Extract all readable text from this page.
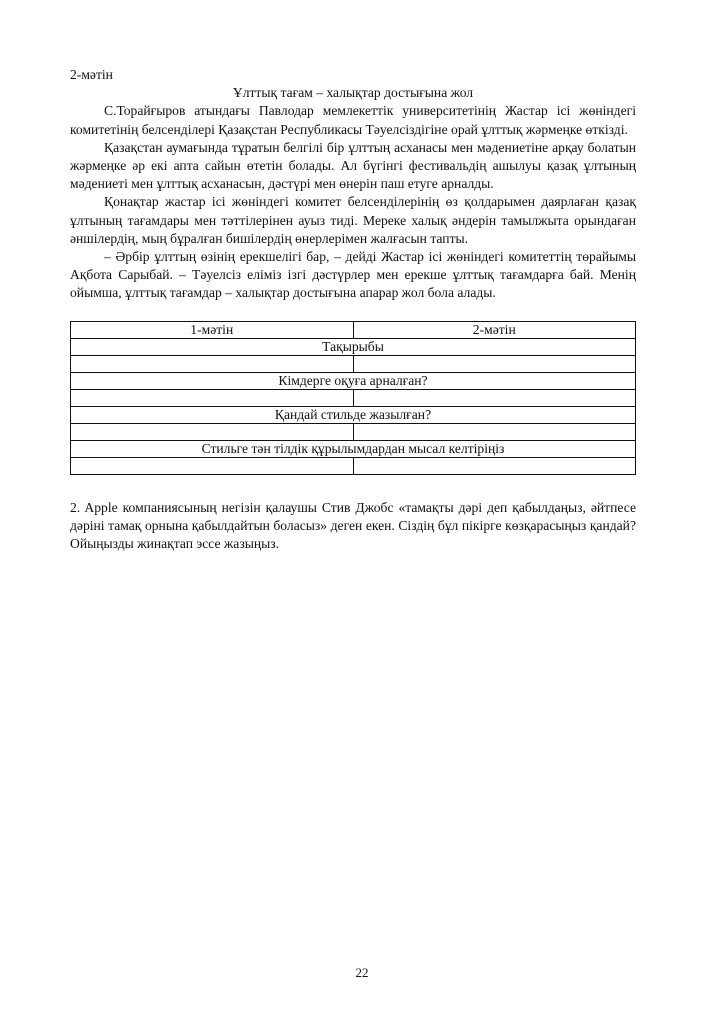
2-мәтін

Ұлттық тағам – халықтар достығына жол

С.Торайғыров атындағы Павлодар мемлекеттік университетінің Жастар ісі жөніндегі комитетінің белсенділері Қазақстан Республикасы Тәуелсіздігіне орай ұлттық жәрмеңке өткізді.

Қазақстан аумағында тұратын белгілі бір ұлттың асханасы мен мәдениетіне арқау болатын жәрмеңке әр екі апта сайын өтетін болады. Ал бүгінгі фестивальдің ашылуы қазақ ұлтының мәдениеті мен ұлттық асханасын, дәстүрі мен өнерін паш етуге арналды.

Қонақтар жастар ісі жөніндегі комитет белсенділерінің өз қолдарымен даярлаған қазақ ұлтының тағамдары мен тәттілерінен ауыз тиді. Мереке халық әндерін тамылжыта орындаған әншілердің, мың бұралған бишілердің өнерлерімен жалғасын тапты.

– Әрбір ұлттың өзінің ерекшелігі бар, – дейді Жастар ісі жөніндегі комитеттің төрайымы Ақбота Сарыбай. – Тәуелсіз еліміз ізгі дәстүрлер мен ерекше ұлттық тағамдарға бай. Менің ойымша, ұлттық тағамдар – халықтар достығына апарар жол бола алады.

1-мәтін	2-мәтін
Тақырыбы	

Кімдерге оқуға арналған?	

Қандай стильде жазылған?	

Стильге тән тілдік құрылымдардан мысал келтіріңіз	

2. Apple компаниясының негізін қалаушы Стив Джобс «тамақты дәрі деп қабылдаңыз, әйтпесе дәріні тамақ орнына қабылдайтын боласыз» деген екен. Сіздің бұл пікірге көзқарасыңыз қандай? Ойыңызды жинақтап эссе жазыңыз.

22
